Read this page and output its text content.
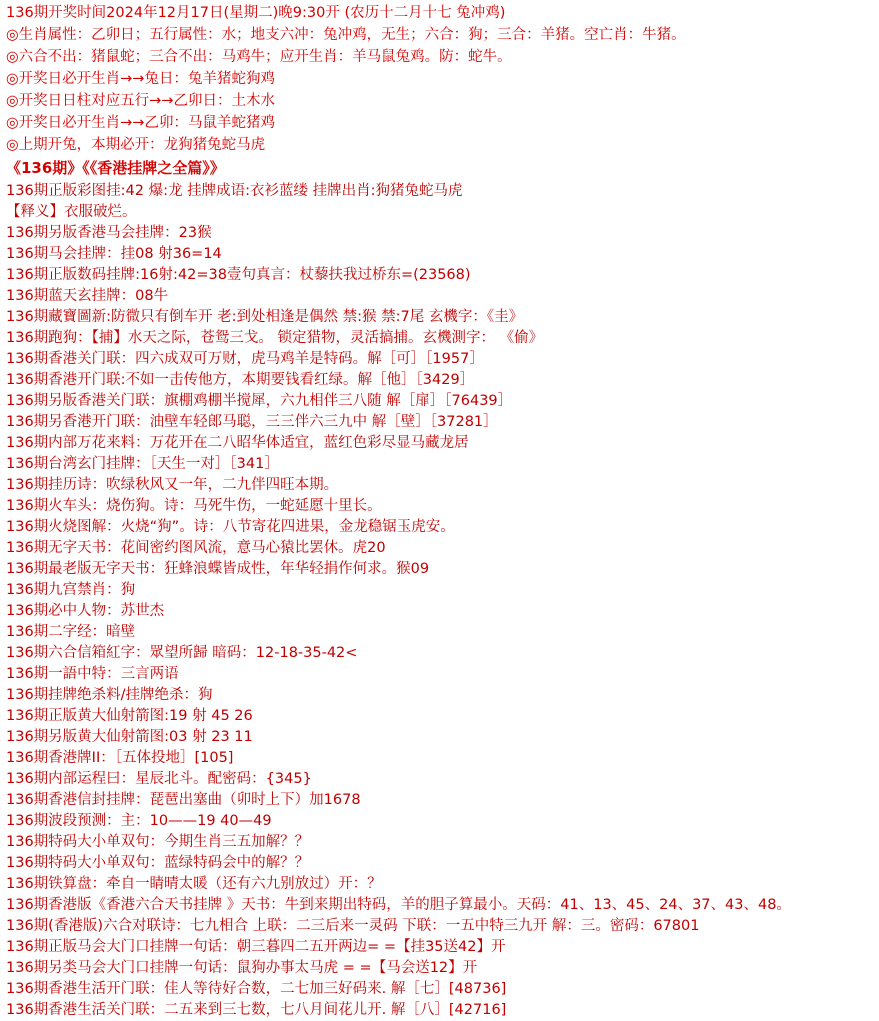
136期开奖时间2024年12月17日(星期二)晚9:30开 (农历十二月十七 兔冲鸡)
◎生肖属性：乙卯日；五行属性：水；地支六冲：兔冲鸡，无生；六合：狗；三合：羊猪。空亡肖：牛猪。
◎六合不出：猪鼠蛇；三合不出：马鸡牛；应开生肖：羊马鼠兔鸡。防：蛇牛。
◎开奖日必开生肖→→兔日：兔羊猪蛇狗鸡
◎开奖日日柱对应五行→→乙卯日：土木水
◎开奖日必开生肖→→乙卯：马鼠羊蛇猪鸡
◎上期开兔，本期必开：龙狗猪兔蛇马虎
《136期》《《香港挂牌之全篇》》
136期正版彩图挂:42 爆:龙 挂牌成语:衣衫蓝缕 挂牌出肖:狗猪兔蛇马虎
【释义】衣服破烂。
136期另版香港马会挂牌：23猴
136期马会挂牌：挂08 射36=14
136期正版数码挂牌:16射:42=38壹句真言：杖藜扶我过桥东=(23568)
136期蓝天玄挂牌：08牛
136期藏寶圖新:防微只有倒车开 老:到处相逢是偶然 禁:猴 禁:7尾 玄機字：《圭》
136期跑狗：【捕】水天之际，苍鸳三戈。 锁定猎物，灵活搞捕。玄機測字： 《偷》
136期香港关门联：四六成双可万财，虎马鸡羊是特码。解［可］［1957］
136期香港开门联:不如一击传他方，本期要钱看红绿。解［他］［3429］
136期另版香港关门联：旗棚鸡棚半搅犀，六九相伴三八随 解［扉］［76439］
136期另香港开门联：油壁车轻郎马聪，三三伴六三九中 解［壁］［37281］
136期内部万花来料：万花开在二八昭华体适宜，蓝红色彩尽显马藏龙居
136期台湾玄门挂牌：［天生一对］［341］
136期挂历诗：吹绿秋风又一年，二九伴四旺本期。
136期火车头：烧伤狗。诗：马死牛伤，一蛇延愿十里长。
136期火烧图解：火烧“狗”。诗：八节寄花四进果，金龙稳锯玉虎安。
136期无字天书：花间密约图风流，意马心猿比罢休。虎20
136期最老版无字天书：狂蜂浪蝶皆成性，年华轻捐作何求。猴09
136期九宫禁肖：狗
136期必中人物：苏世杰
136期二字经：暗壁
136期六合信箱紅字：眾望所歸 暗码：12-18-35-42<
136期一語中特：三言两语
136期挂牌绝杀料/挂牌绝杀：狗
136期正版黄大仙射箭图:19 射 45 26
136期另版黄大仙射箭图:03 射 23 11
136期香港牌II：［五体投地］[105]
136期内部运程曰：星辰北斗。配密码：{345}
136期香港信封挂牌：琵琶出塞曲（卯时上下）加1678
136期波段预测：主：10——19 40—49
136期特码大小单双句：今期生肖三五加解？？
136期特码大小单双句：蓝绿特码会中的解？？
136期铁算盘：牵自一睛晴太暖（还有六九别放过）开：？
136期香港版《香港六合天书挂牌 》天书：牛到来期出特码，羊的胆子算最小。天码：41、13、45、24、37、43、48。
136期(香港版)六合对联诗：七九相合 上联：二三后来一灵码 下联：一五中特三九开 解：三。密码：67801
136期正版马会大门口挂牌一句话：朝三暮四二五开两边= =【挂35送42】开
136期另类马会大门口挂牌一句话：鼠狗办事太马虎 = =【马会送12】开
136期香港生活开门联：佳人等待好合数，二七加三好码来. 解［七］[48736]
136期香港生活关门联：二五来到三七数，七八月间花儿开. 解［八］[42716]
